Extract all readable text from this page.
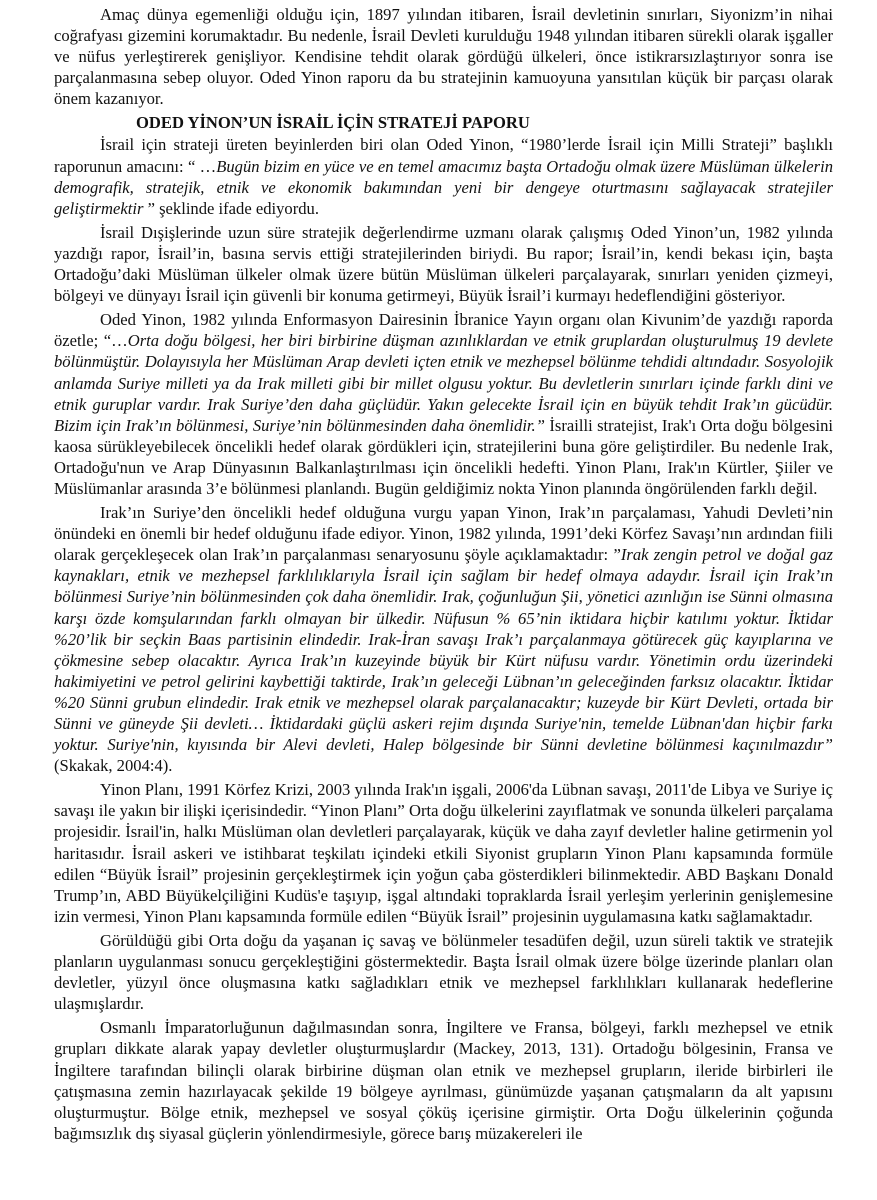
Amaç dünya egemenliği olduğu için, 1897 yılından itibaren, İsrail devletinin sınırları, Siyonizm’in nihai coğrafyası gizemini korumaktadır. Bu nedenle, İsrail Devleti kurulduğu 1948 yılından itibaren sürekli olarak işgaller ve nüfus yerleştirerek genişliyor. Kendisine tehdit olarak gördüğü ülkeleri, önce istikrarsızlaştırıyor sonra ise parçalanmasına sebep oluyor. Oded Yinon raporu da bu stratejinin kamuoyuna yansıtılan küçük bir parçası olarak önem kazanıyor.

ODED YİNON’UN İSRAİL İÇİN STRATEJİ PAPORU

İsrail için strateji üreten beyinlerden biri olan Oded Yinon, “1980’lerde İsrail için Milli Strateji” başlıklı raporunun amacını: “ …Bugün bizim en yüce ve en temel amacımız başta Ortadoğu olmak üzere Müslüman ülkelerin demografik, stratejik, etnik ve ekonomik bakımından yeni bir dengeye oturtmasını sağlayacak stratejiler geliştirmektir ” şeklinde ifade ediyordu.

İsrail Dışişlerinde uzun süre stratejik değerlendirme uzmanı olarak çalışmış Oded Yinon’un, 1982 yılında yazdığı rapor, İsrail’in, basına servis ettiği stratejilerinden biriydi. Bu rapor; İsrail’in, kendi bekası için, başta Ortadoğu’daki Müslüman ülkeler olmak üzere bütün Müslüman ülkeleri parçalayarak, sınırları yeniden çizmeyi, bölgeyi ve dünyayı İsrail için güvenli bir konuma getirmeyi, Büyük İsrail’i kurmayı hedeflendiğini gösteriyor.

Oded Yinon, 1982 yılında Enformasyon Dairesinin İbranice Yayın organı olan Kivunim’de yazdığı raporda özetle; “…Orta doğu bölgesi, her biri birbirine düşman azınlıklardan ve etnik gruplardan oluşturulmuş 19 devlete bölünmüştür. Dolayısıyla her Müslüman Arap devleti içten etnik ve mezhepsel bölünme tehdidi altındadır. Sosyolojik anlamda Suriye milleti ya da Irak milleti gibi bir millet olgusu yoktur. Bu devletlerin sınırları içinde farklı dini ve etnik guruplar vardır. Irak Suriye’den daha güçlüdür. Yakın gelecekte İsrail için en büyük tehdit Irak’ın gücüdür. Bizim için Irak’ın bölünmesi, Suriye’nin bölünmesinden daha önemlidir.” İsrailli stratejist, Irak'ı Orta doğu bölgesini kaosa sürükleyebilecek öncelikli hedef olarak gördükleri için, stratejilerini buna göre geliştirdiler. Bu nedenle Irak, Ortadoğu'nun ve Arap Dünyasının Balkanlaştırılması için öncelikli hedefti. Yinon Planı, Irak'ın Kürtler, Şiiler ve Müslümanlar arasında 3’e bölünmesi planlandı. Bugün geldiğimiz nokta Yinon planında öngörülenden farklı değil.

Irak’ın Suriye’den öncelikli hedef olduğuna vurgu yapan Yinon, Irak’ın parçalaması, Yahudi Devleti’nin önündeki en önemli bir hedef olduğunu ifade ediyor. Yinon, 1982 yılında, 1991’deki Körfez Savaşı’nın ardından fiili olarak gerçekleşecek olan Irak’ın parçalanması senaryosunu şöyle açıklamaktadır: ”Irak zengin petrol ve doğal gaz kaynakları, etnik ve mezhepsel farklılıklarıyla İsrail için sağlam bir hedef olmaya adaydır. İsrail için Irak’ın bölünmesi Suriye’nin bölünmesinden çok daha önemlidir. Irak, çoğunluğun Şii, yönetici azınlığın ise Sünni olmasına karşı özde komşularından farklı olmayan bir ülkedir. Nüfusun % 65’nin iktidara hiçbir katılımı yoktur. İktidar %20’lik bir seçkin Baas partisinin elindedir. Irak-İran savaşı Irak’ı parçalanmaya götürecek güç kayıplarına ve çökmesine sebep olacaktır. Ayrıca Irak’ın kuzeyinde büyük bir Kürt nüfusu vardır. Yönetimin ordu üzerindeki hakimiyetini ve petrol gelirini kaybettiği taktirde, Irak’ın geleceği Lübnan’ın geleceğinden farksız olacaktır. İktidar %20 Sünni grubun elindedir. Irak etnik ve mezhepsel olarak parçalanacaktır; kuzeyde bir Kürt Devleti, ortada bir Sünni ve güneyde Şii devleti… İktidardaki güçlü askeri rejim dışında Suriye'nin, temelde Lübnan'dan hiçbir farkı yoktur. Suriye'nin, kıyısında bir Alevi devleti, Halep bölgesinde bir Sünni devletine bölünmesi kaçınılmazdır” (Skakak, 2004:4).

Yinon Planı, 1991 Körfez Krizi, 2003 yılında Irak'ın işgali, 2006'da Lübnan savaşı, 2011'de Libya ve Suriye iç savaşı ile yakın bir ilişki içerisindedir. “Yinon Planı” Orta doğu ülkelerini zayıflatmak ve sonunda ülkeleri parçalama projesidir. İsrail'in, halkı Müslüman olan devletleri parçalayarak, küçük ve daha zayıf devletler haline getirmenin yol haritasıdır. İsrail askeri ve istihbarat teşkilatı içindeki etkili Siyonist grupların Yinon Planı kapsamında formüle edilen “Büyük İsrail” projesinin gerçekleştirmek için yoğun çaba gösterdikleri bilinmektedir. ABD Başkanı Donald Trump’ın, ABD Büyükelçiliğini Kudüs'e taşıyıp, işgal altındaki topraklarda İsrail yerleşim yerlerinin genişlemesine izin vermesi, Yinon Planı kapsamında formüle edilen “Büyük İsrail” projesinin uygulamasına katkı sağlamaktadır.

Görüldüğü gibi Orta doğu da yaşanan iç savaş ve bölünmeler tesadüfen değil, uzun süreli taktik ve stratejik planların uygulanması sonucu gerçekleştiğini göstermektedir. Başta İsrail olmak üzere bölge üzerinde planları olan devletler, yüzyıl önce oluşmasına katkı sağladıkları etnik ve mezhepsel farklılıkları kullanarak hedeflerine ulaşmışlardır.

Osmanlı İmparatorluğunun dağılmasından sonra, İngiltere ve Fransa, bölgeyi, farklı mezhepsel ve etnik grupları dikkate alarak yapay devletler oluşturmuşlardır (Mackey, 2013, 131). Ortadoğu bölgesinin, Fransa ve İngiltere tarafından bilinçli olarak birbirine düşman olan etnik ve mezhepsel grupların, ileride birbirleri ile çatışmasına zemin hazırlayacak şekilde 19 bölgeye ayrılması, günümüzde yaşanan çatışmaların da alt yapısını oluşturmuştur. Bölge etnik, mezhepsel ve sosyal çöküş içerisine girmiştir. Orta Doğu ülkelerinin çoğunda bağımsızlık dış siyasal güçlerin yönlendirmesiyle, görece barış müzakereleri ile
